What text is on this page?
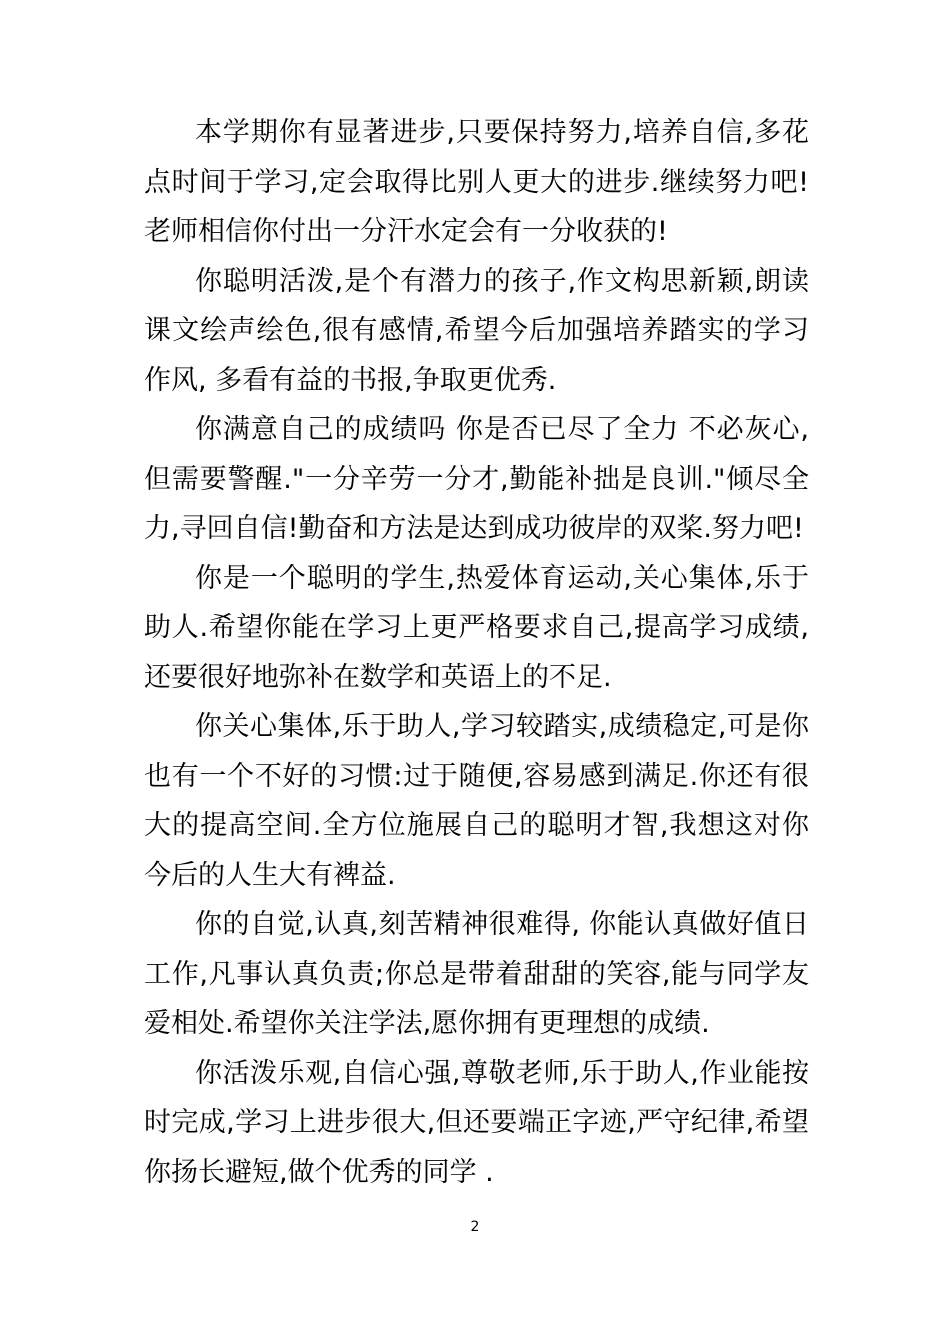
本学期你有显著进步,只要保持努力,培养自信,多花点时间于学习,定会取得比别人更大的进步.继续努力吧!老师相信你付出一分汗水定会有一分收获的!

你聪明活泼,是个有潜力的孩子,作文构思新颖,朗读课文绘声绘色,很有感情,希望今后加强培养踏实的学习作风, 多看有益的书报,争取更优秀.

你满意自己的成绩吗 你是否已尽了全力 不必灰心,但需要警醒."一分辛劳一分才,勤能补拙是良训."倾尽全力,寻回自信!勤奋和方法是达到成功彼岸的双桨.努力吧!

你是一个聪明的学生,热爱体育运动,关心集体,乐于助人.希望你能在学习上更严格要求自己,提高学习成绩,还要很好地弥补在数学和英语上的不足.

你关心集体,乐于助人,学习较踏实,成绩稳定,可是你也有一个不好的习惯:过于随便,容易感到满足.你还有很大的提高空间.全方位施展自己的聪明才智,我想这对你今后的人生大有裨益.

你的自觉,认真,刻苦精神很难得, 你能认真做好值日工作,凡事认真负责;你总是带着甜甜的笑容,能与同学友爱相处.希望你关注学法,愿你拥有更理想的成绩.

你活泼乐观,自信心强,尊敬老师,乐于助人,作业能按时完成,学习上进步很大,但还要端正字迹,严守纪律,希望你扬长避短,做个优秀的同学 .

2
